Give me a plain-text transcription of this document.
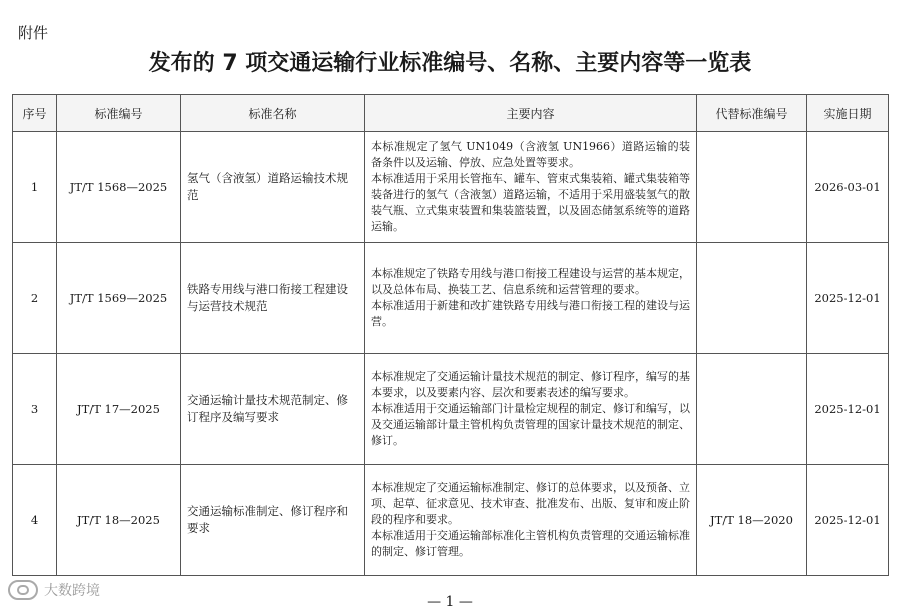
附件
发布的 7 项交通运输行业标准编号、名称、主要内容等一览表
序号	标准编号	标准名称	主要内容	代替标准编号	实施日期
1	JT/T 1568—2025	氢气（含液氢）道路运输技术规范	本标准规定了氢气 UN1049（含液氢 UN1966）道路运输的装备条件以及运输、停放、应急处置等要求。
本标准适用于采用长管拖车、罐车、管束式集装箱、罐式集装箱等装备进行的氢气（含液氢）道路运输，不适用于采用盛装氢气的散装气瓶、立式集束装置和集装篮装置，以及固态储氢系统等的道路运输。		2026-03-01
2	JT/T 1569—2025	铁路专用线与港口衔接工程建设与运营技术规范	本标准规定了铁路专用线与港口衔接工程建设与运营的基本规定，以及总体布局、换装工艺、信息系统和运营管理的要求。
本标准适用于新建和改扩建铁路专用线与港口衔接工程的建设与运营。		2025-12-01
3	JT/T 17—2025	交通运输计量技术规范制定、修订程序及编写要求	本标准规定了交通运输计量技术规范的制定、修订程序，编写的基本要求，以及要素内容、层次和要素表述的编写要求。
本标准适用于交通运输部门计量检定规程的制定、修订和编写，以及交通运输部计量主管机构负责管理的国家计量技术规范的制定、修订。		2025-12-01
4	JT/T 18—2025	交通运输标准制定、修订程序和要求	本标准规定了交通运输标准制定、修订的总体要求，以及预备、立项、起草、征求意见、技术审查、批准发布、出版、复审和废止阶段的程序和要求。
本标准适用于交通运输部标准化主管机构负责管理的交通运输标准的制定、修订管理。	JT/T 18—2020	2025-12-01
大数跨境
— 1 —
